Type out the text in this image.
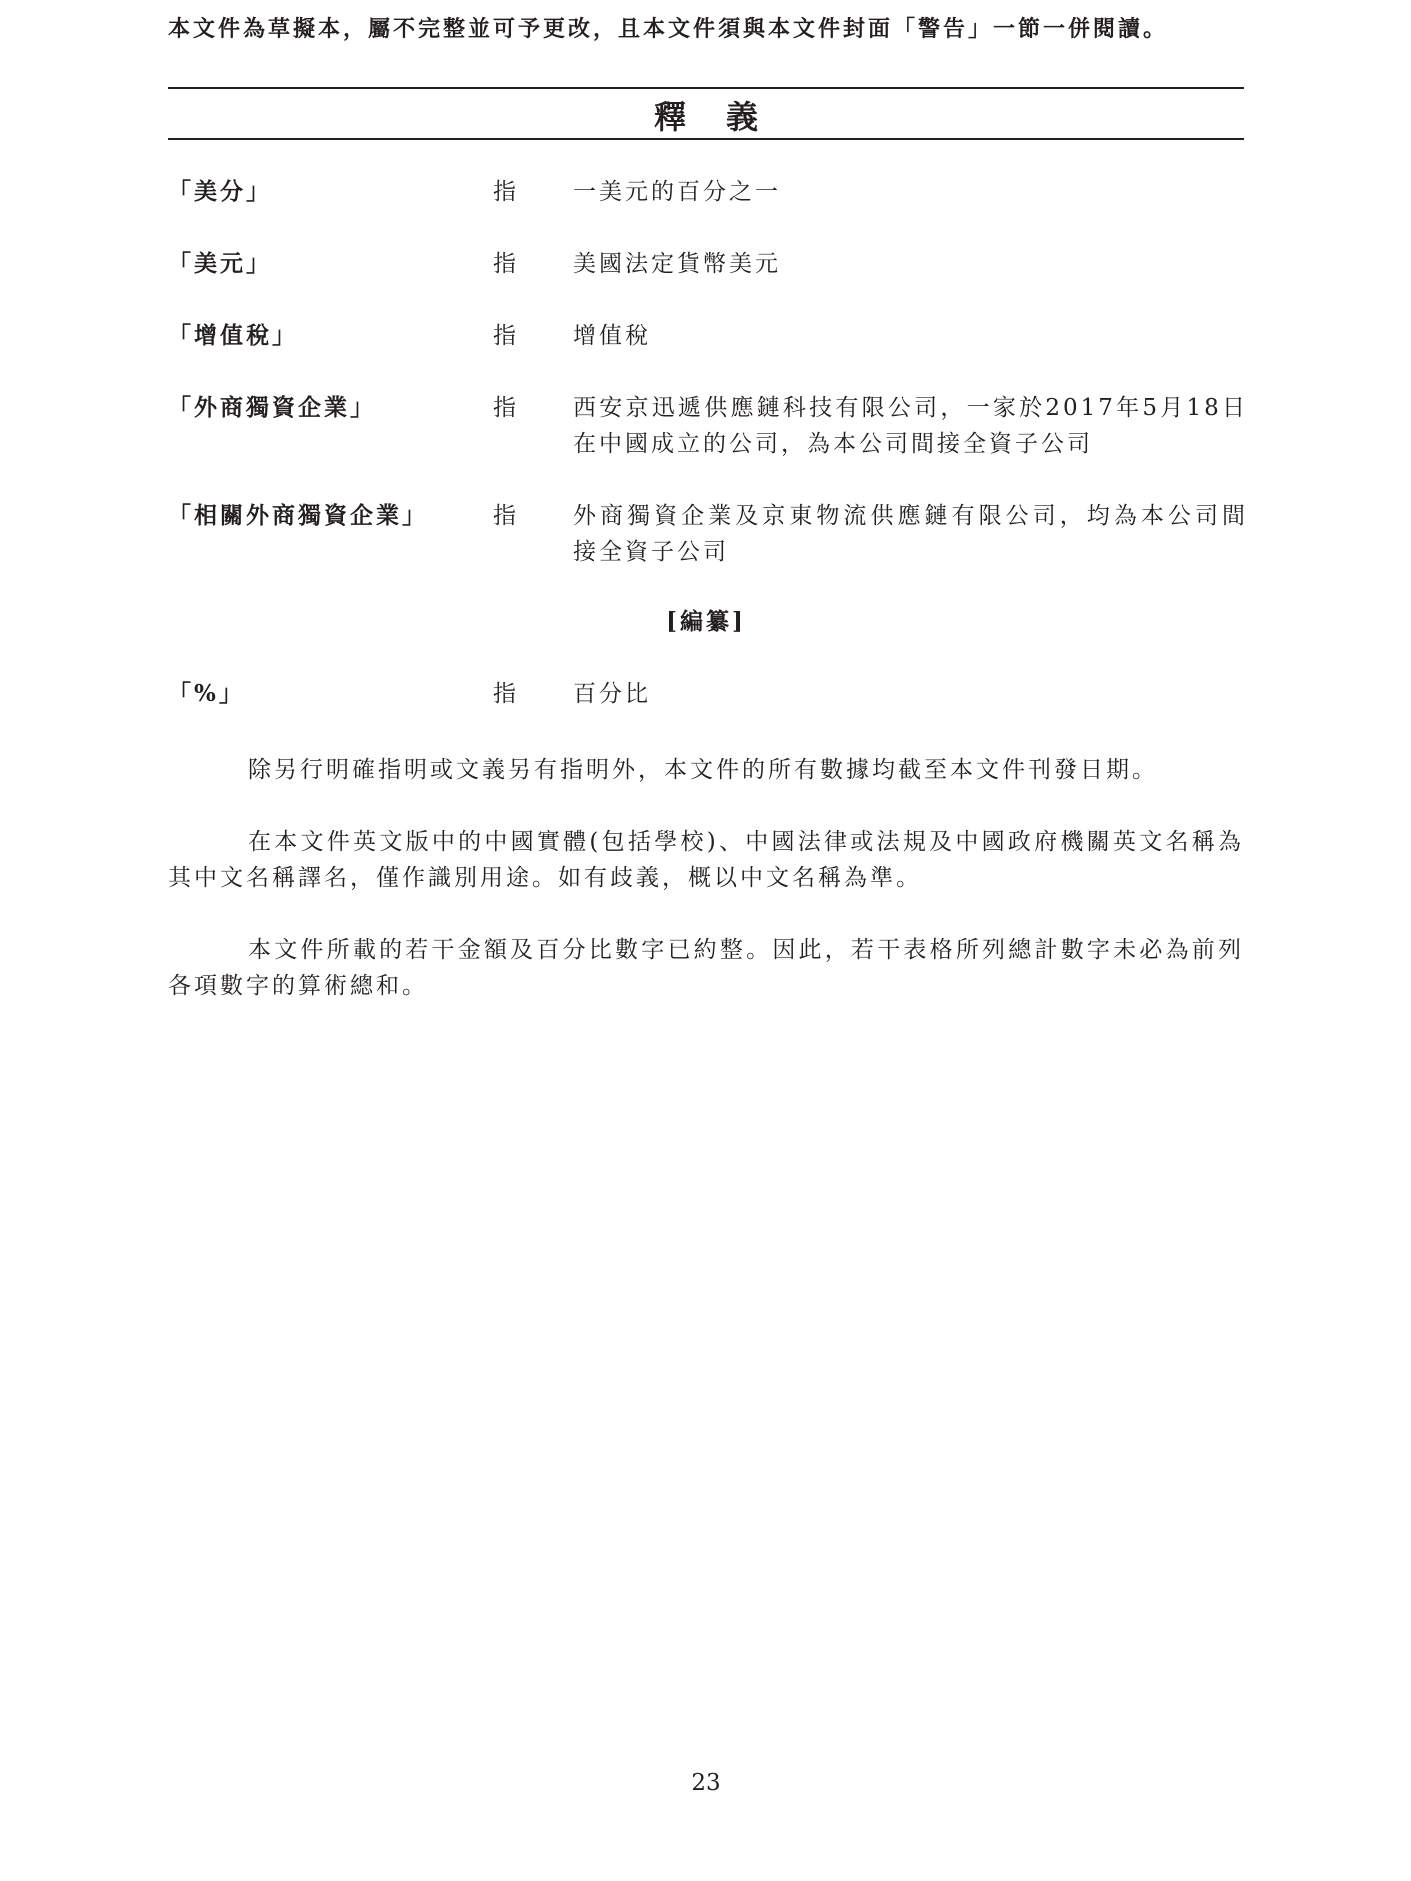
本文件為草擬本，屬不完整並可予更改，且本文件須與本文件封面「警告」一節一併閱讀。
釋義
「美分」	指 一美元的百分之一
「美元」	指 美國法定貨幣美元
「增值稅」	指 增值稅
「外商獨資企業」	指 西安京迅遞供應鏈科技有限公司，一家於2017年5月18日在中國成立的公司，為本公司間接全資子公司
「相關外商獨資企業」	指 外商獨資企業及京東物流供應鏈有限公司，均為本公司間接全資子公司
[編纂]
「%」	指 百分比

除另行明確指明或文義另有指明外，本文件的所有數據均截至本文件刊發日期。

在本文件英文版中的中國實體(包括學校)、中國法律或法規及中國政府機關英文名稱為其中文名稱譯名，僅作識別用途。如有歧義，概以中文名稱為準。

本文件所載的若干金額及百分比數字已約整。因此，若干表格所列總計數字未必為前列各項數字的算術總和。

23
